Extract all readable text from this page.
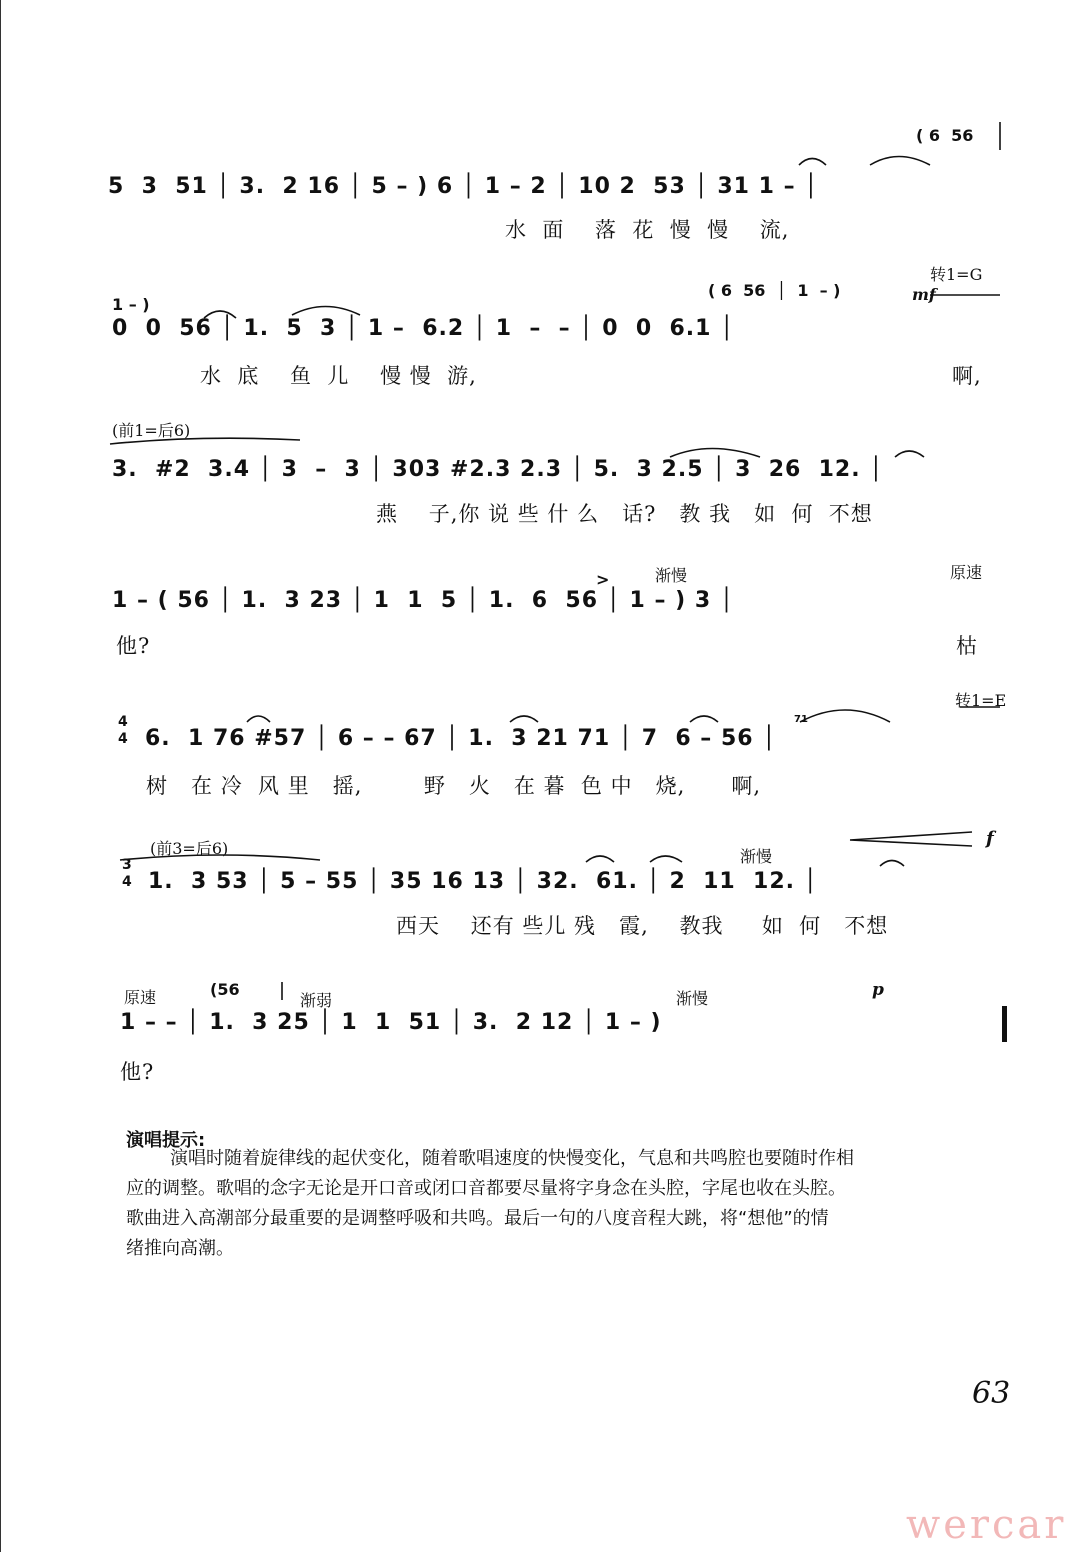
( 6  56
5  3  51 │ 3.  2 16 │ 5 – ) 6 │ 1 – 2 │ 10 2  53 │ 31 1 – │
水  面    落  花  慢  慢    流,
1 – )
( 6  56  │  1  – )	mf
转1=G
0  0  56 │ 1.  5  3 │ 1 –  6.2 │ 1  –  – │ 0  0  6.1 │
水  底    鱼  儿    慢 慢  游,	啊,
(前1=后6)
3.  #2  3.4 │ 3  –  3 │ 303 #2.3 2.3 │ 5.  3 2.5 │ 3  26  12. │
燕    子,你 说 些 什 么   话?   教 我   如  何  不想
渐慢	原速
>
1 – ( 56 │ 1.  3 23 │ 1  1  5 │ 1.  6  56 │ 1 – ) 3 │
他?	枯
转1=E
4
4
71
6.  1 76 #57 │ 6 – – 67 │ 1.  3 21 71 │ 7  6 – 56 │
树   在 冷  风 里   摇,        野   火   在 暮  色 中   烧,      啊,
(前3=后6)
3
4
渐慢
f
1.  3 53 │ 5 – 55 │ 35 16 13 │ 32.  61. │ 2  11  12. │
西天    还有 些儿 残   霞,    教我     如  何   不想
原速	(56
渐弱	渐慢	p
1 – – │ 1.  3 25 │ 1  1  51 │ 3.  2 12 │ 1 – )
他?
演唱提示:
演唱时随着旋律线的起伏变化，随着歌唱速度的快慢变化，气息和共鸣腔也要随时作相
应的调整。歌唱的念字无论是开口音或闭口音都要尽量将字身念在头腔，字尾也收在头腔。
歌曲进入高潮部分最重要的是调整呼吸和共鸣。最后一句的八度音程大跳，将“想他”的情
绪推向高潮。
63
wercar
